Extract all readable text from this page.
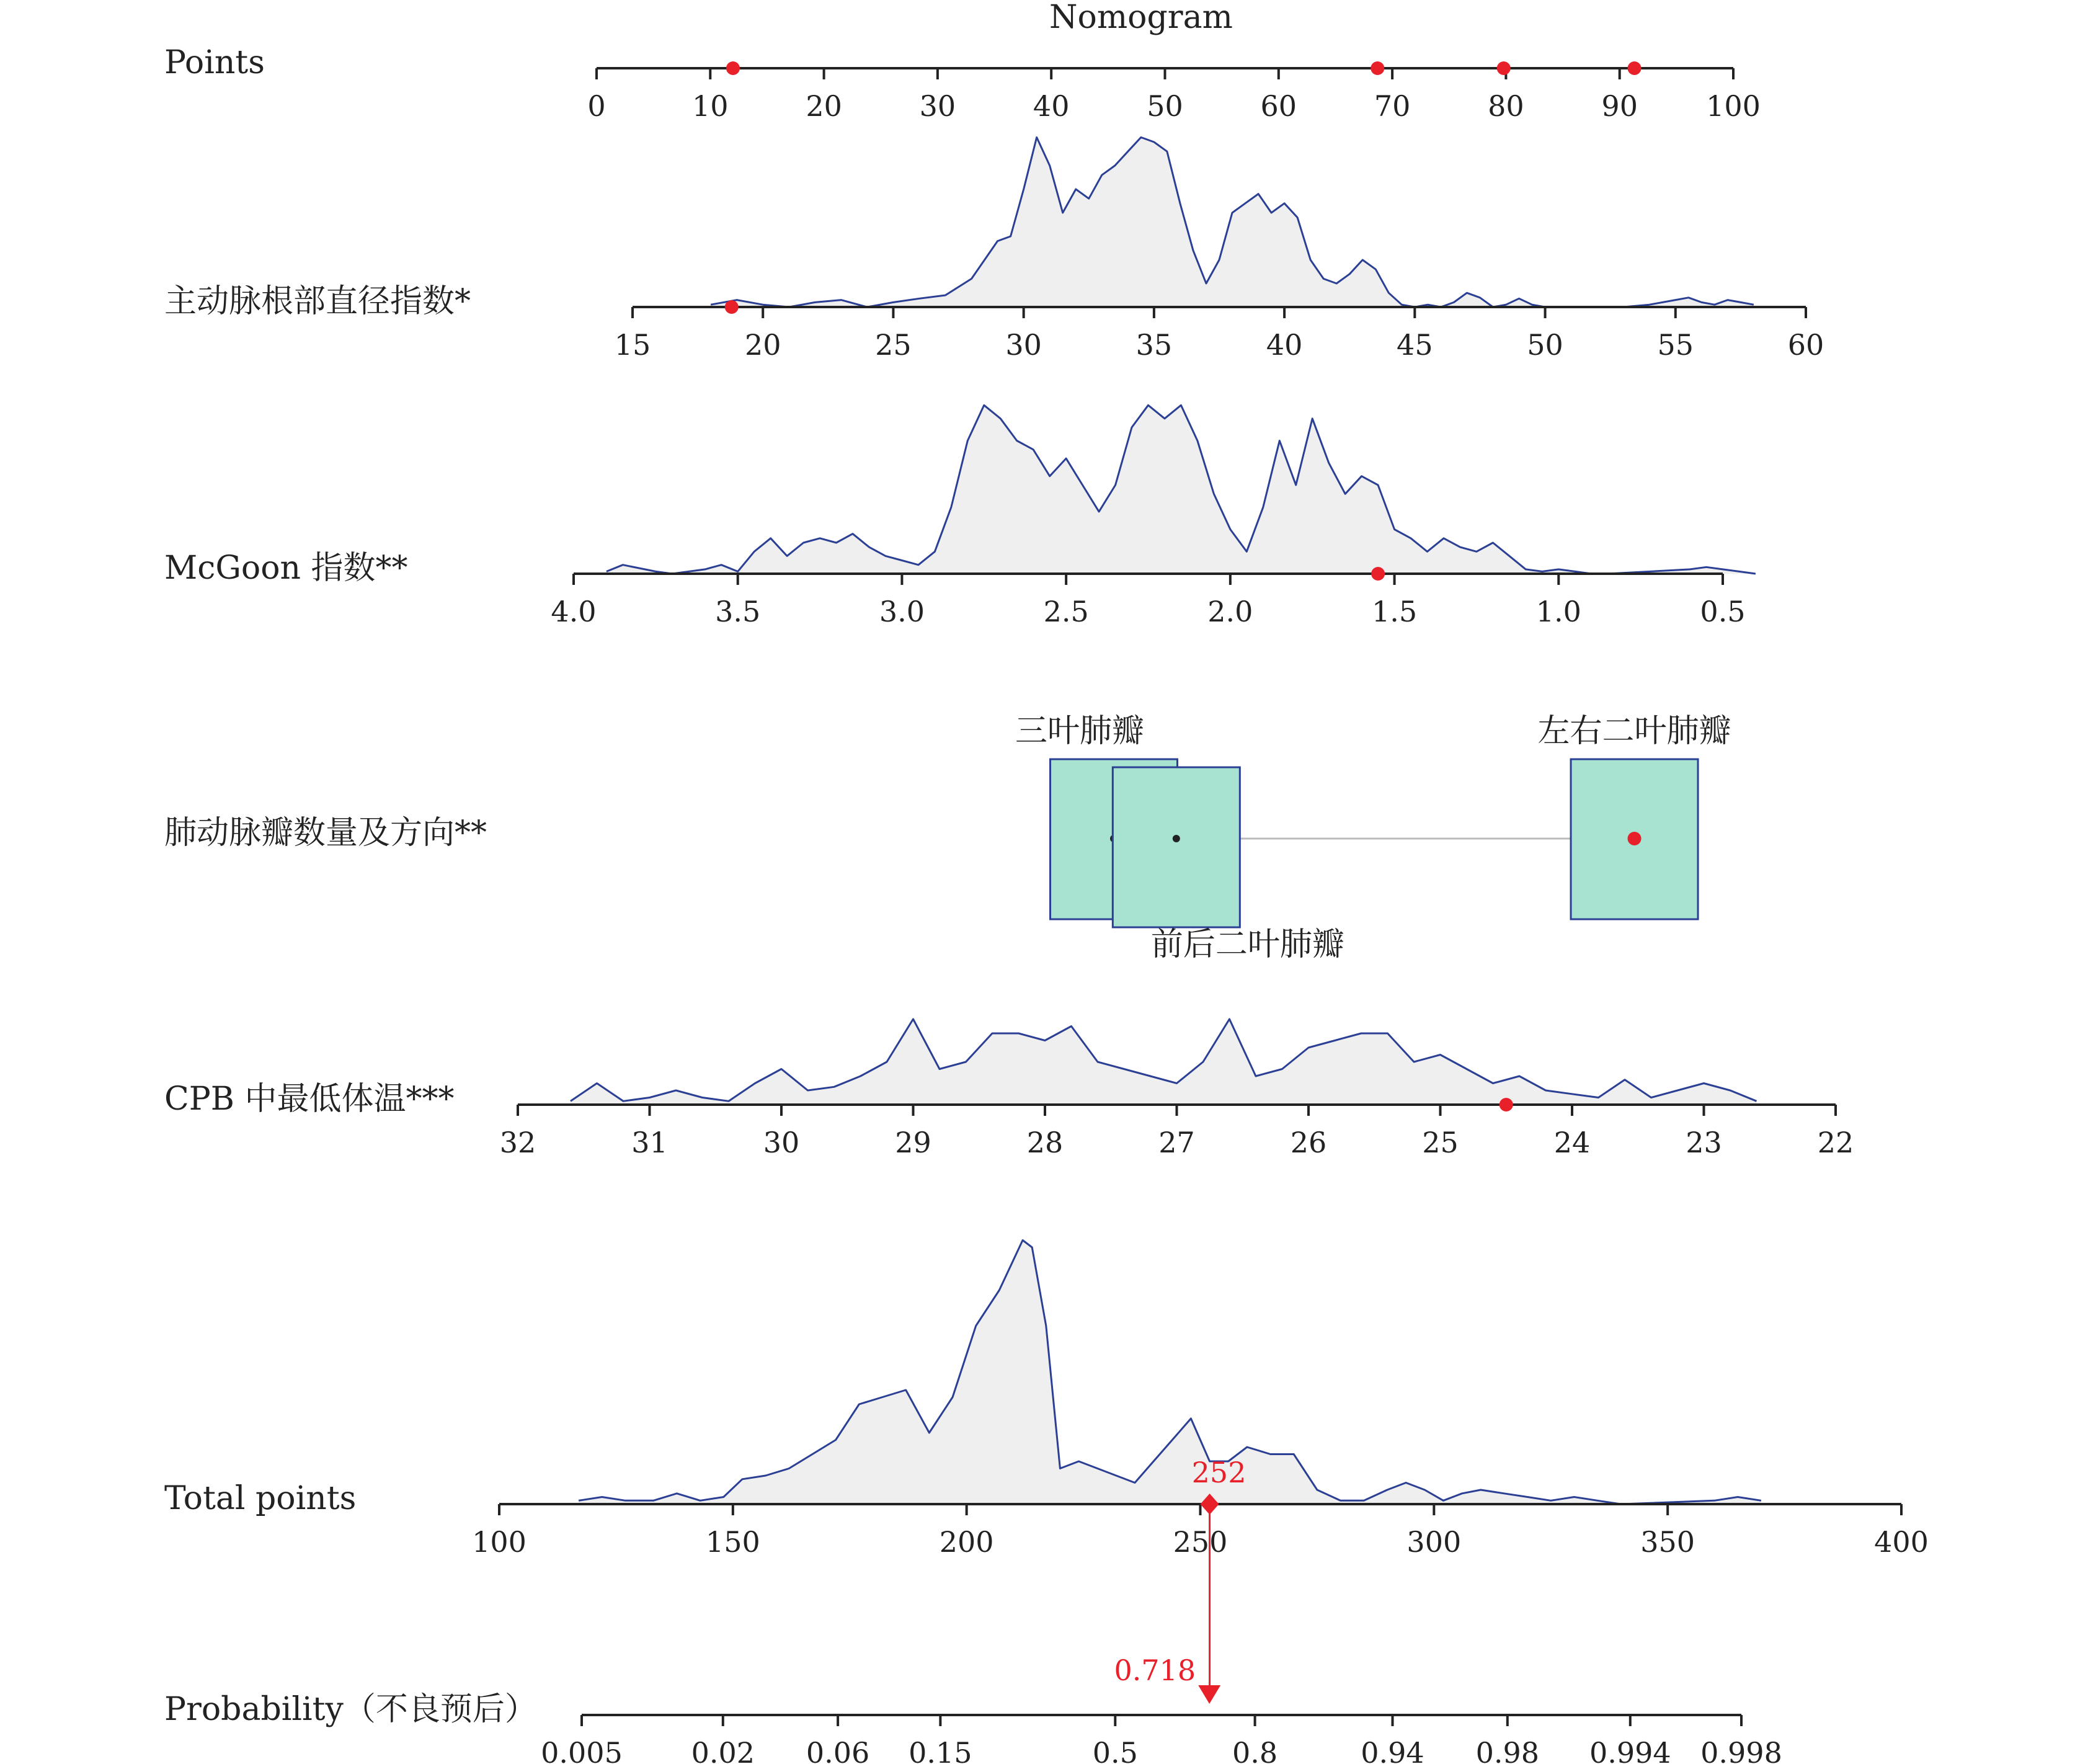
Nomogram
Points
0	10	20	30	40	50	60	70	80	90 100
主动脉根部直径指数*
15	20	25	30	35	40	45	50	55	60
McGoon 指数**
4.0	3.5	3.0	2.5	2.0	1.5	1.0	0.5
肺动脉瓣数量及方向**
三叶肺瓣
前后二叶肺瓣
左右二叶肺瓣
CPB 中最低体温***
32	31	30	29	28	27	26	25	24	23	22
Total points
100	150	200	250	300	350	400
252
Probability（不良预后）
0.005 0.02 0.06 0.15	0.5	0.8	0.94 0.98 0.994 0.998
0.718
